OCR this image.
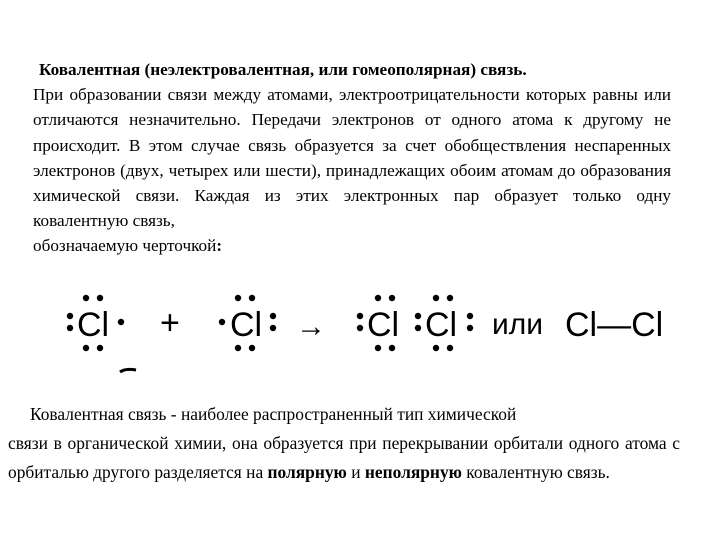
Ковалентная (неэлектровалентная, или гомеополярная) связь.
При образовании связи между атомами, электроотрицательности которых равны или отличаются незначительно. Передачи электронов от одного атома к другому не происходит. В этом случае связь образуется за счет обобществления неспаренных электронов (двух, четырех или шести), принадлежащих обоим атомам до образования химической связи. Каждая из этих электронных пар образует только одну ковалентную связь,
обозначаемую черточкой:
Cl + Cl → Cl Cl или Cl—Cl
Ковалентная связь - наиболее распространенный тип химической
связи в органической химии, она образуется при перекрывании орбитали одного атома с орбиталью другого разделяется на полярную и неполярную ковалентную связь.
